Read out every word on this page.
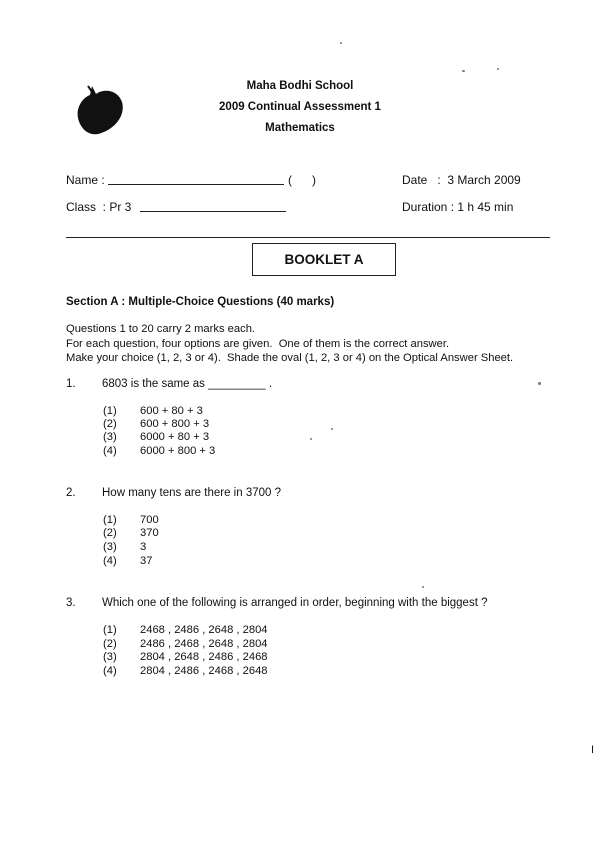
Maha Bodhi School
2009 Continual Assessment 1
Mathematics
Name :	(      )	Date   :  3 March 2009
Class  : Pr 3	Duration : 1 h 45 min
BOOKLET A
Section A : Multiple-Choice Questions (40 marks)
Questions 1 to 20 carry 2 marks each.
For each question, four options are given.  One of them is the correct answer.
Make your choice (1, 2, 3 or 4).  Shade the oval (1, 2, 3 or 4) on the Optical Answer Sheet.
1. 6803 is the same as _________ .
(1) 600 + 80 + 3
(2) 600 + 800 + 3
(3) 6000 + 80 + 3
(4) 6000 + 800 + 3
2. How many tens are there in 3700 ?
(1) 700
(2) 370
(3) 3
(4) 37
3. Which one of the following is arranged in order, beginning with the biggest ?
(1) 2468 , 2486 , 2648 , 2804
(2) 2486 , 2468 , 2648 , 2804
(3) 2804 , 2648 , 2486 , 2468
(4) 2804 , 2486 , 2468 , 2648
I
